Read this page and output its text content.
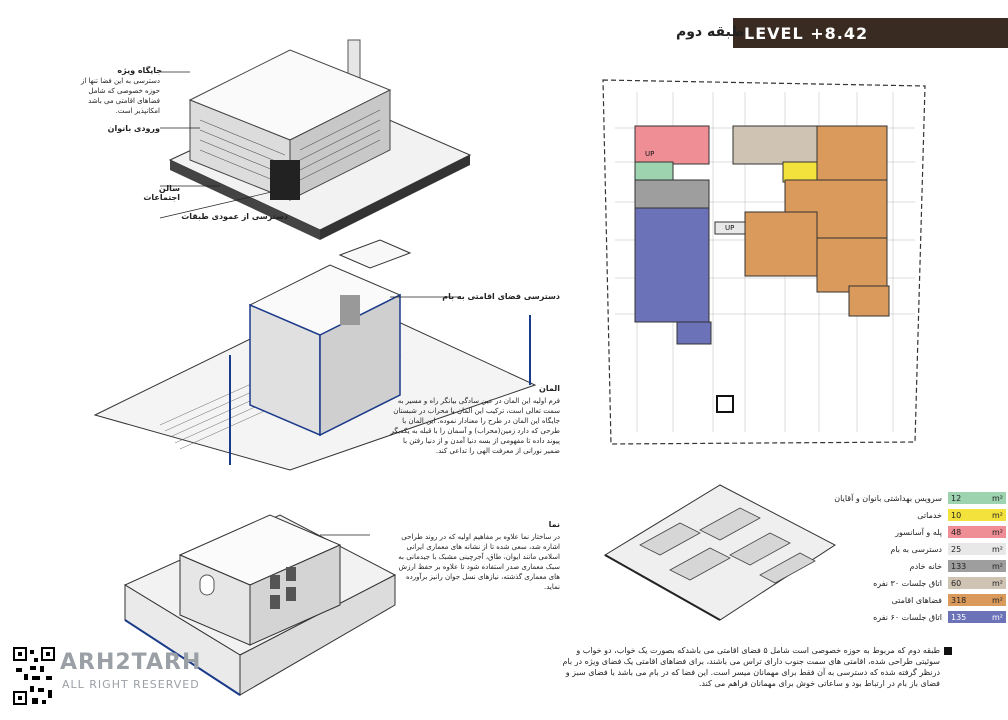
LEVEL +8.42
طبقه دوم
جایگاه ویژه
دسترسی به این فضا تنها از حوزه خصوصی که شامل فضاهای اقامتی می باشد امکانپذیر است.
ورودی بانوان
سالن اجتماعات
دسترسی از عمودی طبقات
دسترسی فضای اقامتی به بام
المان
فرم اولیه این المان در عین سادگی بیانگر راه و مسیر به سمت تعالی است، ترکیب این المان با محراب در شبستان جایگاه این المان در طرح را معنادار نموده. این المان با طرحی که دارد زمین(محراب) و آسمان را با قبله به یکدیگر پیوند داده تا مفهومی از بسه دنیا آمدن و از دنیا رفتن با ضمیر نورانی از معرفت الهی را تداعی کند.
نما
در ساختار نما علاوه بر مفاهیم اولیه که در روند طراحی اشاره شد، سعی شده تا از نشانه های معماری ایرانی اسلامی مانند ایوان، طاق، آجرچینی مشبک با جیدمانی به سبک معماری صدر استفاده شود تا علاوه بر حفظ ارزش های معماری گذشته، نیازهای نسل جوان رانیز برآورده نماید.
UP
UP
سرویس بهداشتی بانوان و آقایان	12	m²
خدماتی	10	m²
پله و آسانسور	48	m²
دسترسی به بام	25	m²
خانه خادم	133	m²
اتاق جلسات ۳۰ نفره	60	m²
فضاهای اقامتی	318	m²
اتاق جلسات ۶۰ نفره	135	m²
طبقه دوم که مربوط به حوزه خصوصی است شامل ۵ فضای اقامتی می باشدکه بصورت یک خواب، دو خواب و سوئیتی طراحی شده، اقامتی های سمت جنوب دارای تراس می باشند، برای فضاهای اقامتی یک فضای ویژه در بام درنظر گرفته شده که دسترسی به آن فقط برای مهمانان میسر است. این فضا که در بام می باشد با فضای سبز و فضای باز بام در ارتباط بود و ساعاتی خوش برای مهمانان فراهم می کند.
ARH2TARH
ALL RIGHT RESERVED
